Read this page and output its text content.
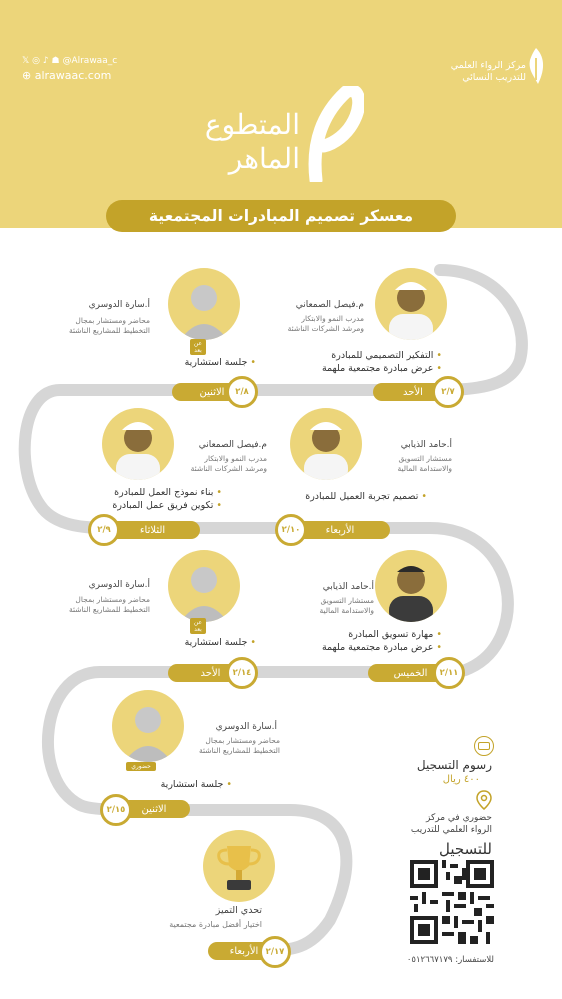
𝕏 ◎ ♪ ☗ @Alrawaa_c
⊕ alrawaac.com
مركز الرواء العلمي
للتدريب النسائي
المتطوع
الماهر
معسكر تصميم المبادرات المجتمعية
م.فيصل الصمعاني
مدرب النمو والابتكار
ومرشد الشركات الناشئة
• التفكير التصميمي للمبادرة
• عرض مبادرة مجتمعية ملهمة
الأحد	٢/٧
عن بعد
أ.سارة الدوسري
محاضر ومستشار بمجال
التخطيط للمشاريع الناشئة
• جلسة استشارية
الاثنين	٢/٨
أ.حامد الذيابي
مستشار التسويق
والاستدامة المالية
• تصميم تجربة العميل للمبادرة
الأربعاء
٢/١٠
م.فيصل الصمعاني
مدرب النمو والابتكار
ومرشد الشركات الناشئة
• بناء نموذج العمل للمبادرة
• تكوين فريق عمل المبادرة
الثلاثاء
٢/٩
أ.حامد الذيابي
مستشار التسويق
والاستدامة المالية
• مهارة تسويق المبادرة
• عرض مبادرة مجتمعية ملهمة
الخميس	٢/١١
عن بعد
أ.سارة الدوسري
محاضر ومستشار بمجال
التخطيط للمشاريع الناشئة
• جلسة استشارية
الأحد	٢/١٤
حضوري
أ.سارة الدوسري
محاضر ومستشار بمجال
التخطيط للمشاريع الناشئة
• جلسة استشارية
الاثنين
٢/١٥
تحدي التميز
اختيار أفضل مبادرة مجتمعية
الأربعاء ٢/١٧
رسوم التسجيل
٤٠٠ ريال
حضوري في مركز
الرواء العلمي للتدريب
للتسجيل
للاستفسار: ٠٥١٢٦٦٧١٧٩
